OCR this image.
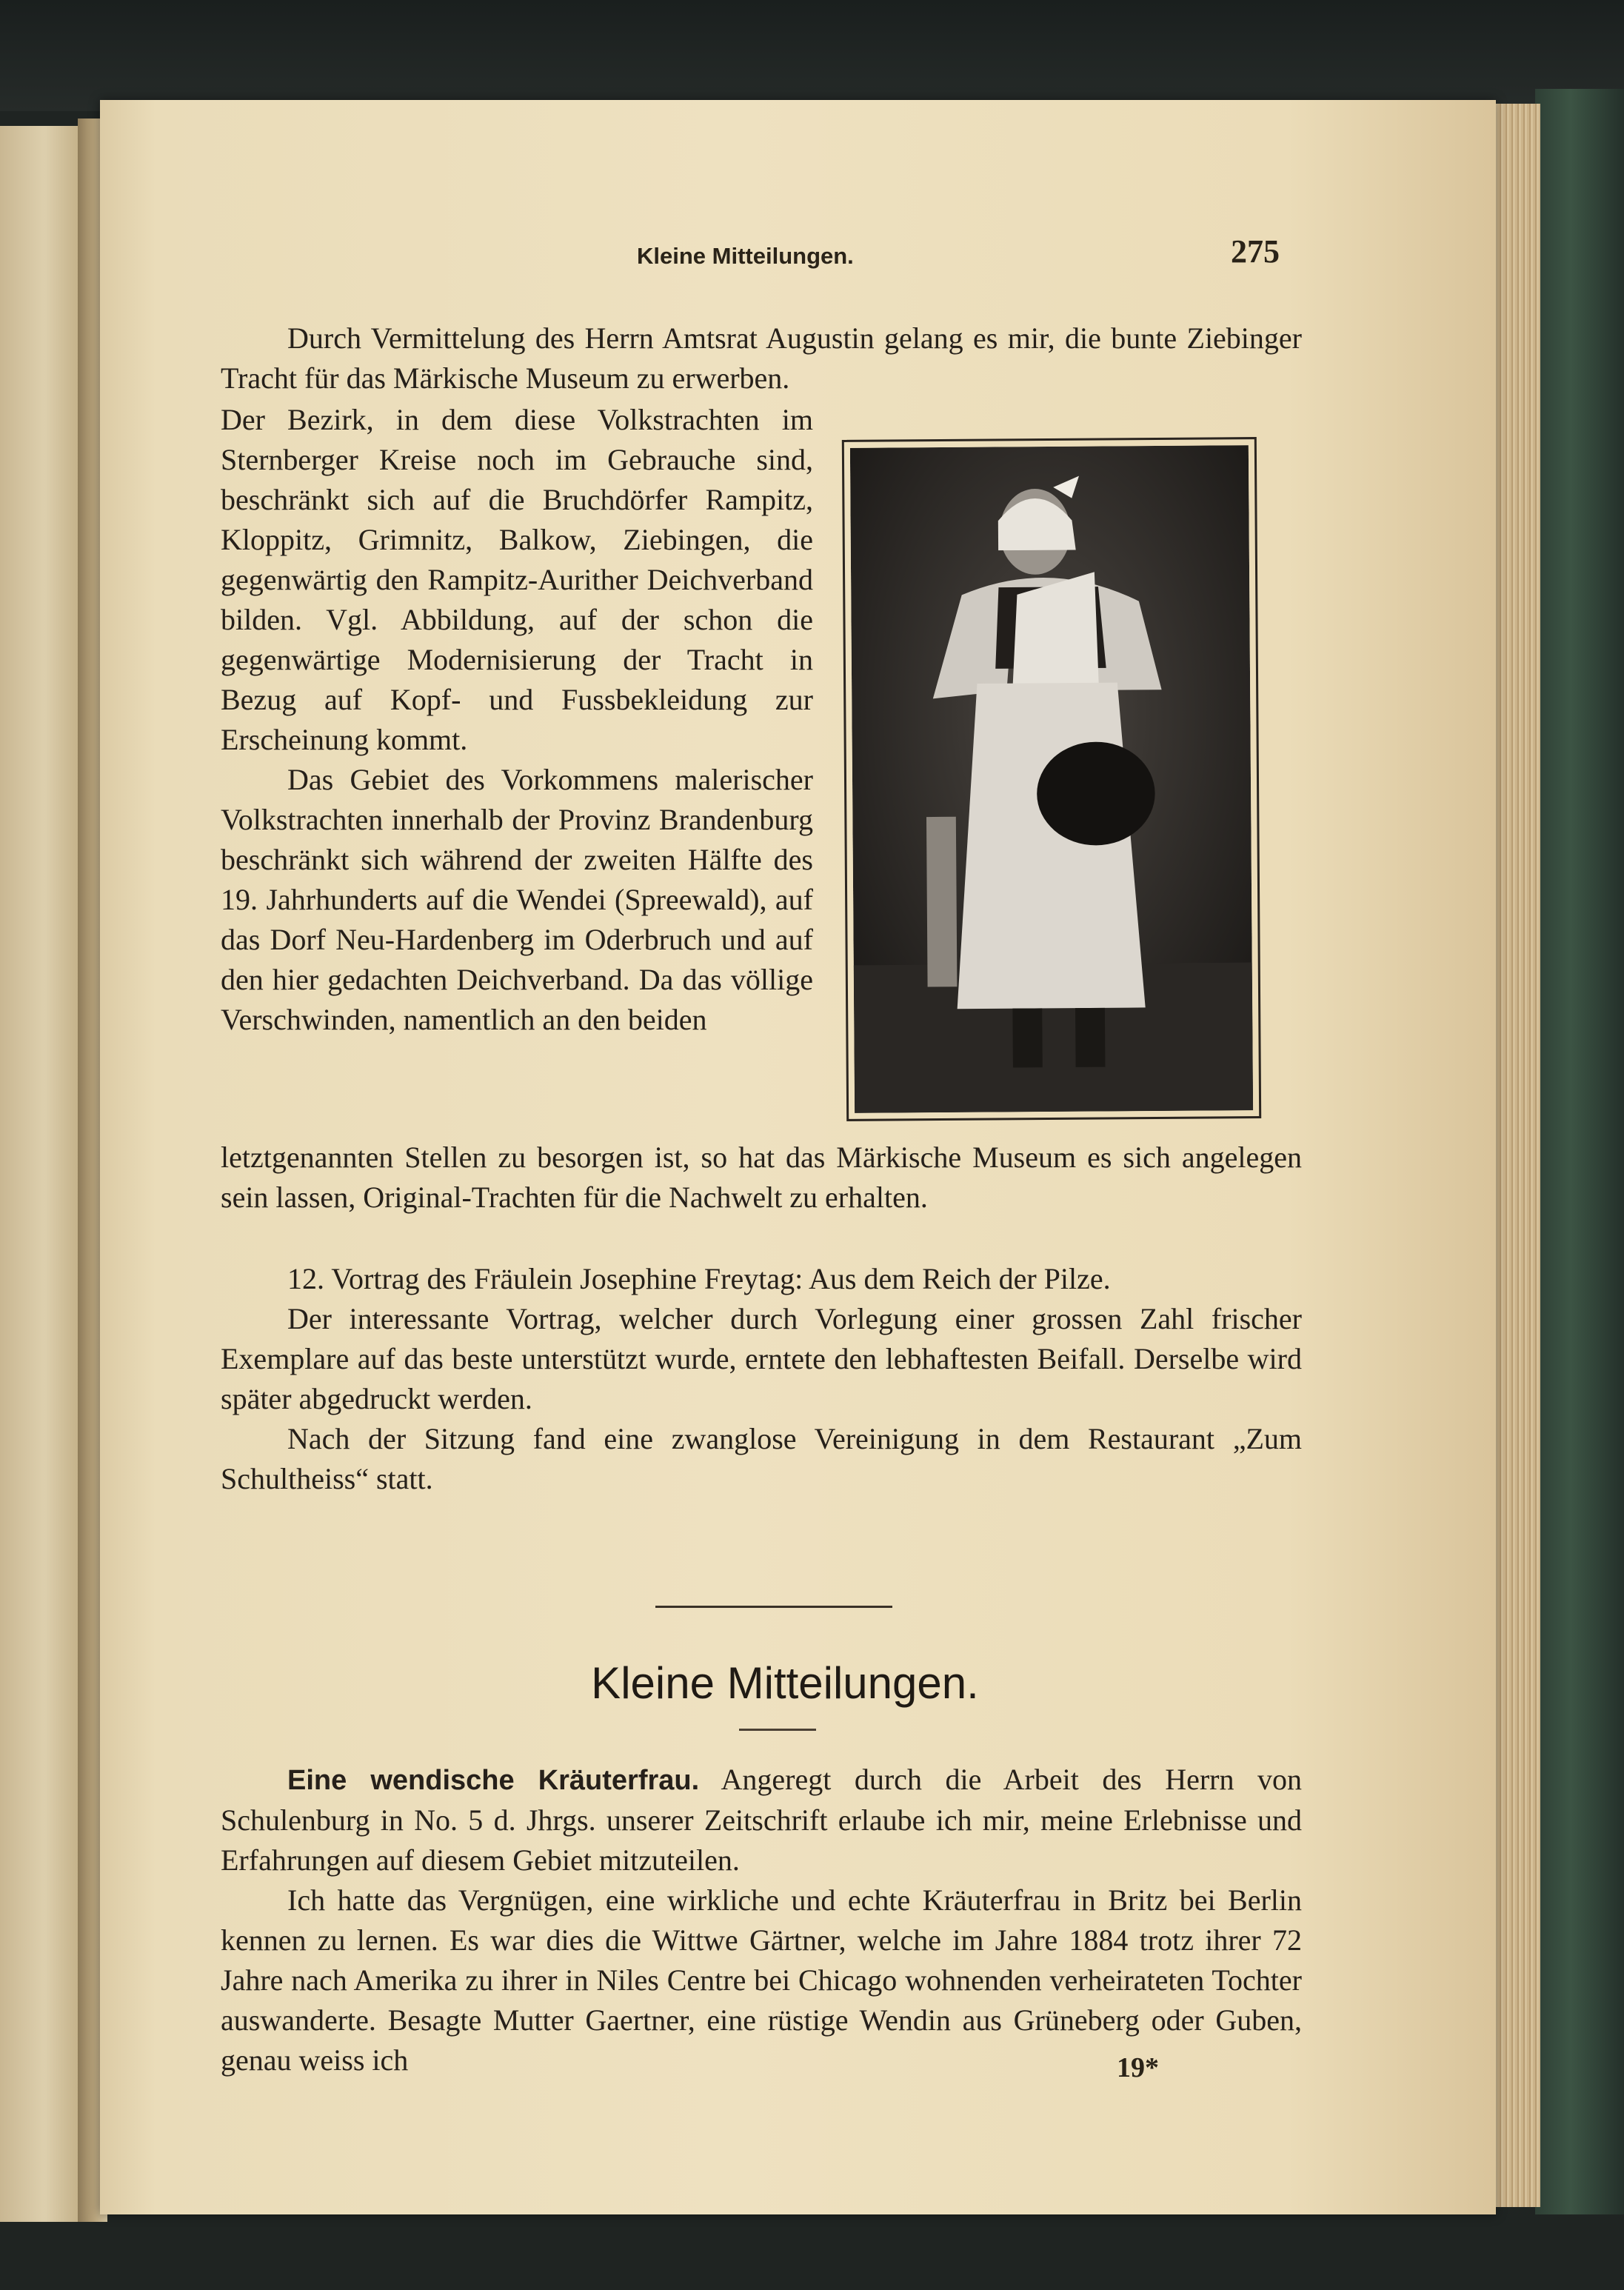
Kleine Mitteilungen.	275

Durch Vermittelung des Herrn Amtsrat Augustin gelang es mir, die bunte Ziebinger Tracht für das Märkische Museum zu erwerben.

Der Bezirk, in dem diese Volkstrachten im Sternberger Kreise noch im Gebrauche sind, beschränkt sich auf die Bruchdörfer Rampitz, Kloppitz, Grimnitz, Balkow, Ziebingen, die gegenwärtig den Rampitz-Aurither Deichverband bilden. Vgl. Abbildung, auf der schon die gegenwärtige Modernisierung der Tracht in Bezug auf Kopf- und Fussbekleidung zur Erscheinung kommt.

Das Gebiet des Vorkommens malerischer Volkstrachten innerhalb der Provinz Brandenburg beschränkt sich während der zweiten Hälfte des 19. Jahrhunderts auf die Wendei (Spreewald), auf das Dorf Neu-Hardenberg im Oderbruch und auf den hier gedachten Deichverband. Da das völlige Verschwinden, namentlich an den beiden

letztgenannten Stellen zu besorgen ist, so hat das Märkische Museum es sich angelegen sein lassen, Original-Trachten für die Nachwelt zu erhalten.

12. Vortrag des Fräulein Josephine Freytag: Aus dem Reich der Pilze.

Der interessante Vortrag, welcher durch Vorlegung einer grossen Zahl frischer Exemplare auf das beste unterstützt wurde, erntete den lebhaftesten Beifall. Derselbe wird später abgedruckt werden.

Nach der Sitzung fand eine zwanglose Vereinigung in dem Restaurant „Zum Schultheiss“ statt.

Kleine Mitteilungen.

Eine wendische Kräuterfrau. Angeregt durch die Arbeit des Herrn von Schulenburg in No. 5 d. Jhrgs. unserer Zeitschrift erlaube ich mir, meine Erlebnisse und Erfahrungen auf diesem Gebiet mitzuteilen.

Ich hatte das Vergnügen, eine wirkliche und echte Kräuterfrau in Britz bei Berlin kennen zu lernen. Es war dies die Wittwe Gärtner, welche im Jahre 1884 trotz ihrer 72 Jahre nach Amerika zu ihrer in Niles Centre bei Chicago wohnenden verheirateten Tochter auswanderte. Besagte Mutter Gaertner, eine rüstige Wendin aus Grüneberg oder Guben, genau weiss ich	19*
